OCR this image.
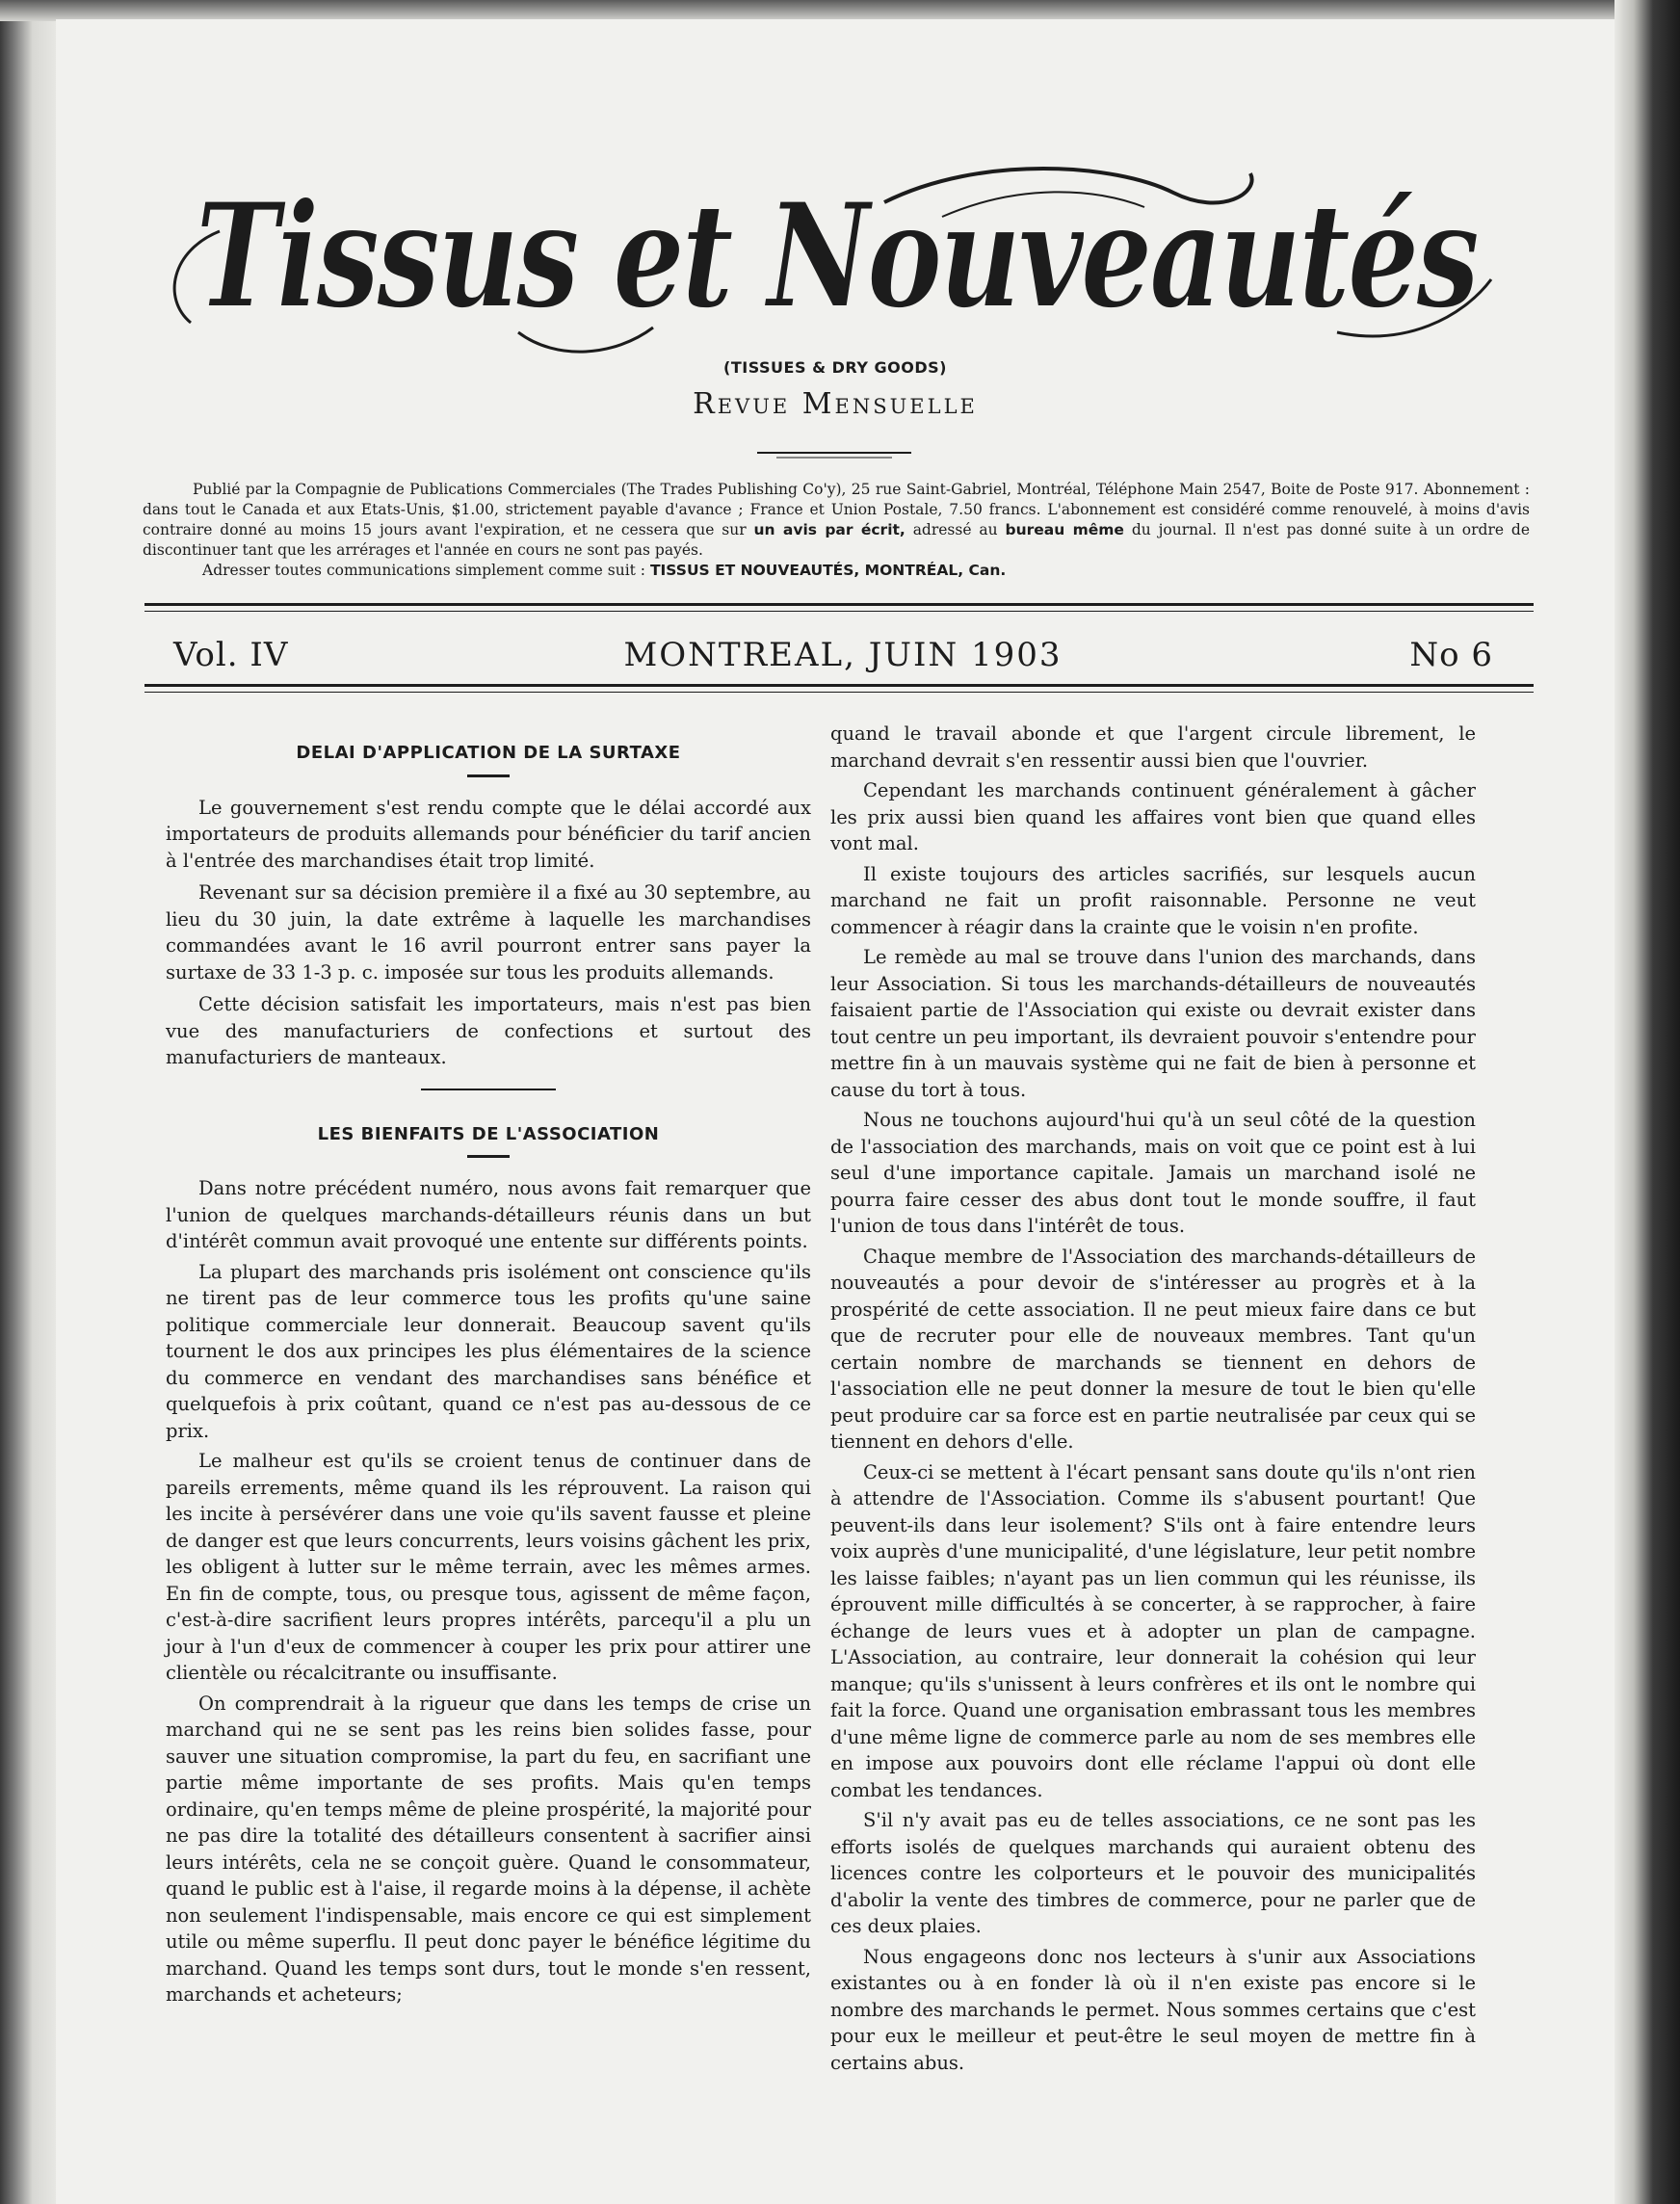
Tissus et Nouveautés
(TISSUES & DRY GOODS)
Revue Mensuelle

Publié par la Compagnie de Publications Commerciales (The Trades Publishing Co'y), 25 rue Saint-Gabriel, Montréal, Téléphone Main 2547, Boite de Poste 917. Abonnement : dans tout le Canada et aux Etats-Unis, $1.00, strictement payable d'avance ; France et Union Postale, 7.50 francs. L'abonnement est considéré comme renouvelé, à moins d'avis contraire donné au moins 15 jours avant l'expiration, et ne cessera que sur un avis par écrit, adressé au bureau même du journal. Il n'est pas donné suite à un ordre de discontinuer tant que les arrérages et l'année en cours ne sont pas payés.

Adresser toutes communications simplement comme suit : TISSUS ET NOUVEAUTÉS, MONTRÉAL, Can.

Vol. IV	MONTREAL, JUIN 1903	No 6
DELAI D'APPLICATION DE LA SURTAXE

Le gouvernement s'est rendu compte que le délai accordé aux importateurs de produits allemands pour bénéficier du tarif ancien à l'entrée des marchandises était trop limité.

Revenant sur sa décision première il a fixé au 30 septembre, au lieu du 30 juin, la date extrême à laquelle les marchandises commandées avant le 16 avril pourront entrer sans payer la surtaxe de 33 1-3 p. c. imposée sur tous les produits allemands.

Cette décision satisfait les importateurs, mais n'est pas bien vue des manufacturiers de confections et surtout des manufacturiers de manteaux.

LES BIENFAITS DE L'ASSOCIATION

Dans notre précédent numéro, nous avons fait remarquer que l'union de quelques marchands-détailleurs réunis dans un but d'intérêt commun avait provoqué une entente sur différents points.

La plupart des marchands pris isolément ont conscience qu'ils ne tirent pas de leur commerce tous les profits qu'une saine politique commerciale leur donnerait. Beaucoup savent qu'ils tournent le dos aux principes les plus élémentaires de la science du commerce en vendant des marchandises sans bénéfice et quelquefois à prix coûtant, quand ce n'est pas au-dessous de ce prix.

Le malheur est qu'ils se croient tenus de continuer dans de pareils errements, même quand ils les réprouvent. La raison qui les incite à persévérer dans une voie qu'ils savent fausse et pleine de danger est que leurs concurrents, leurs voisins gâchent les prix, les obligent à lutter sur le même terrain, avec les mêmes armes. En fin de compte, tous, ou presque tous, agissent de même façon, c'est-à-dire sacrifient leurs propres intérêts, parcequ'il a plu un jour à l'un d'eux de commencer à couper les prix pour attirer une clientèle ou récalcitrante ou insuffisante.

On comprendrait à la rigueur que dans les temps de crise un marchand qui ne se sent pas les reins bien solides fasse, pour sauver une situation compromise, la part du feu, en sacrifiant une partie même importante de ses profits. Mais qu'en temps ordinaire, qu'en temps même de pleine prospérité, la majorité pour ne pas dire la totalité des détailleurs consentent à sacrifier ainsi leurs intérêts, cela ne se conçoit guère. Quand le consommateur, quand le public est à l'aise, il regarde moins à la dépense, il achète non seulement l'indispensable, mais encore ce qui est simplement utile ou même superflu. Il peut donc payer le bénéfice légitime du marchand. Quand les temps sont durs, tout le monde s'en ressent, marchands et acheteurs;

quand le travail abonde et que l'argent circule librement, le marchand devrait s'en ressentir aussi bien que l'ouvrier.

Cependant les marchands continuent généralement à gâcher les prix aussi bien quand les affaires vont bien que quand elles vont mal.

Il existe toujours des articles sacrifiés, sur lesquels aucun marchand ne fait un profit raisonnable. Personne ne veut commencer à réagir dans la crainte que le voisin n'en profite.

Le remède au mal se trouve dans l'union des marchands, dans leur Association. Si tous les marchands-détailleurs de nouveautés faisaient partie de l'Association qui existe ou devrait exister dans tout centre un peu important, ils devraient pouvoir s'entendre pour mettre fin à un mauvais système qui ne fait de bien à personne et cause du tort à tous.

Nous ne touchons aujourd'hui qu'à un seul côté de la question de l'association des marchands, mais on voit que ce point est à lui seul d'une importance capitale. Jamais un marchand isolé ne pourra faire cesser des abus dont tout le monde souffre, il faut l'union de tous dans l'intérêt de tous.

Chaque membre de l'Association des marchands-détailleurs de nouveautés a pour devoir de s'intéresser au progrès et à la prospérité de cette association. Il ne peut mieux faire dans ce but que de recruter pour elle de nouveaux membres. Tant qu'un certain nombre de marchands se tiennent en dehors de l'association elle ne peut donner la mesure de tout le bien qu'elle peut produire car sa force est en partie neutralisée par ceux qui se tiennent en dehors d'elle.

Ceux-ci se mettent à l'écart pensant sans doute qu'ils n'ont rien à attendre de l'Association. Comme ils s'abusent pourtant! Que peuvent-ils dans leur isolement? S'ils ont à faire entendre leurs voix auprès d'une municipalité, d'une législature, leur petit nombre les laisse faibles; n'ayant pas un lien commun qui les réunisse, ils éprouvent mille difficultés à se concerter, à se rapprocher, à faire échange de leurs vues et à adopter un plan de campagne. L'Association, au contraire, leur donnerait la cohésion qui leur manque; qu'ils s'unissent à leurs confrères et ils ont le nombre qui fait la force. Quand une organisation embrassant tous les membres d'une même ligne de commerce parle au nom de ses membres elle en impose aux pouvoirs dont elle réclame l'appui où dont elle combat les tendances.

S'il n'y avait pas eu de telles associations, ce ne sont pas les efforts isolés de quelques marchands qui auraient obtenu des licences contre les colporteurs et le pouvoir des municipalités d'abolir la vente des timbres de commerce, pour ne parler que de ces deux plaies.

Nous engageons donc nos lecteurs à s'unir aux Associations existantes ou à en fonder là où il n'en existe pas encore si le nombre des marchands le permet. Nous sommes certains que c'est pour eux le meilleur et peut-être le seul moyen de mettre fin à certains abus.
